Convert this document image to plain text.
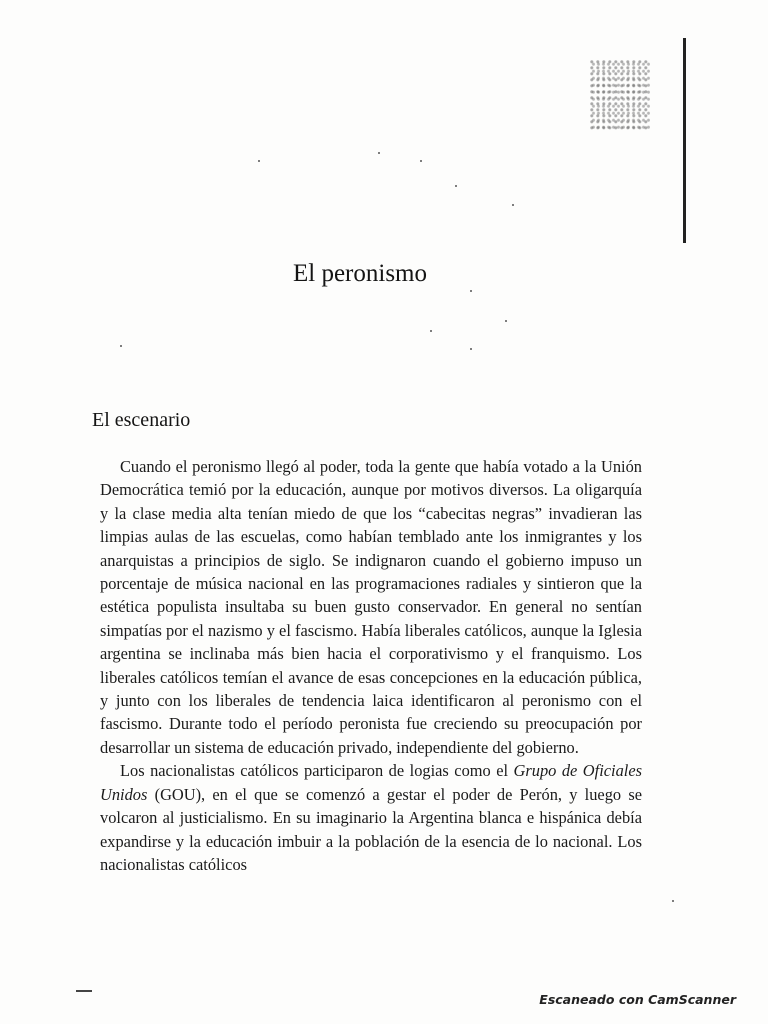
El peronismo
El escenario

Cuando el peronismo llegó al poder, toda la gente que había votado a la Unión Democrática temió por la educación, aunque por motivos diversos. La oligarquía y la clase media alta tenían miedo de que los “cabecitas negras” invadieran las limpias aulas de las escuelas, como habían temblado ante los inmigrantes y los anarquistas a principios de siglo. Se indignaron cuando el gobierno impuso un porcentaje de música nacional en las programaciones radiales y sintieron que la estética populista insultaba su buen gusto conservador. En general no sentían simpatías por el nazismo y el fascismo. Había liberales católicos, aunque la Iglesia argentina se inclinaba más bien hacia el corporativismo y el franquismo. Los liberales católicos temían el avance de esas concepciones en la educación pública, y junto con los liberales de tendencia laica identificaron al peronismo con el fascismo. Durante todo el período peronista fue creciendo su preocupación por desarrollar un sistema de educación privado, independiente del gobierno.

Los nacionalistas católicos participaron de logias como el Grupo de Oficiales Unidos (GOU), en el que se comenzó a gestar el poder de Perón, y luego se volcaron al justicialismo. En su imaginario la Argentina blanca e hispánica debía expandirse y la educación imbuir a la población de la esencia de lo nacional. Los nacionalistas católicos

Escaneado con CamScanner
